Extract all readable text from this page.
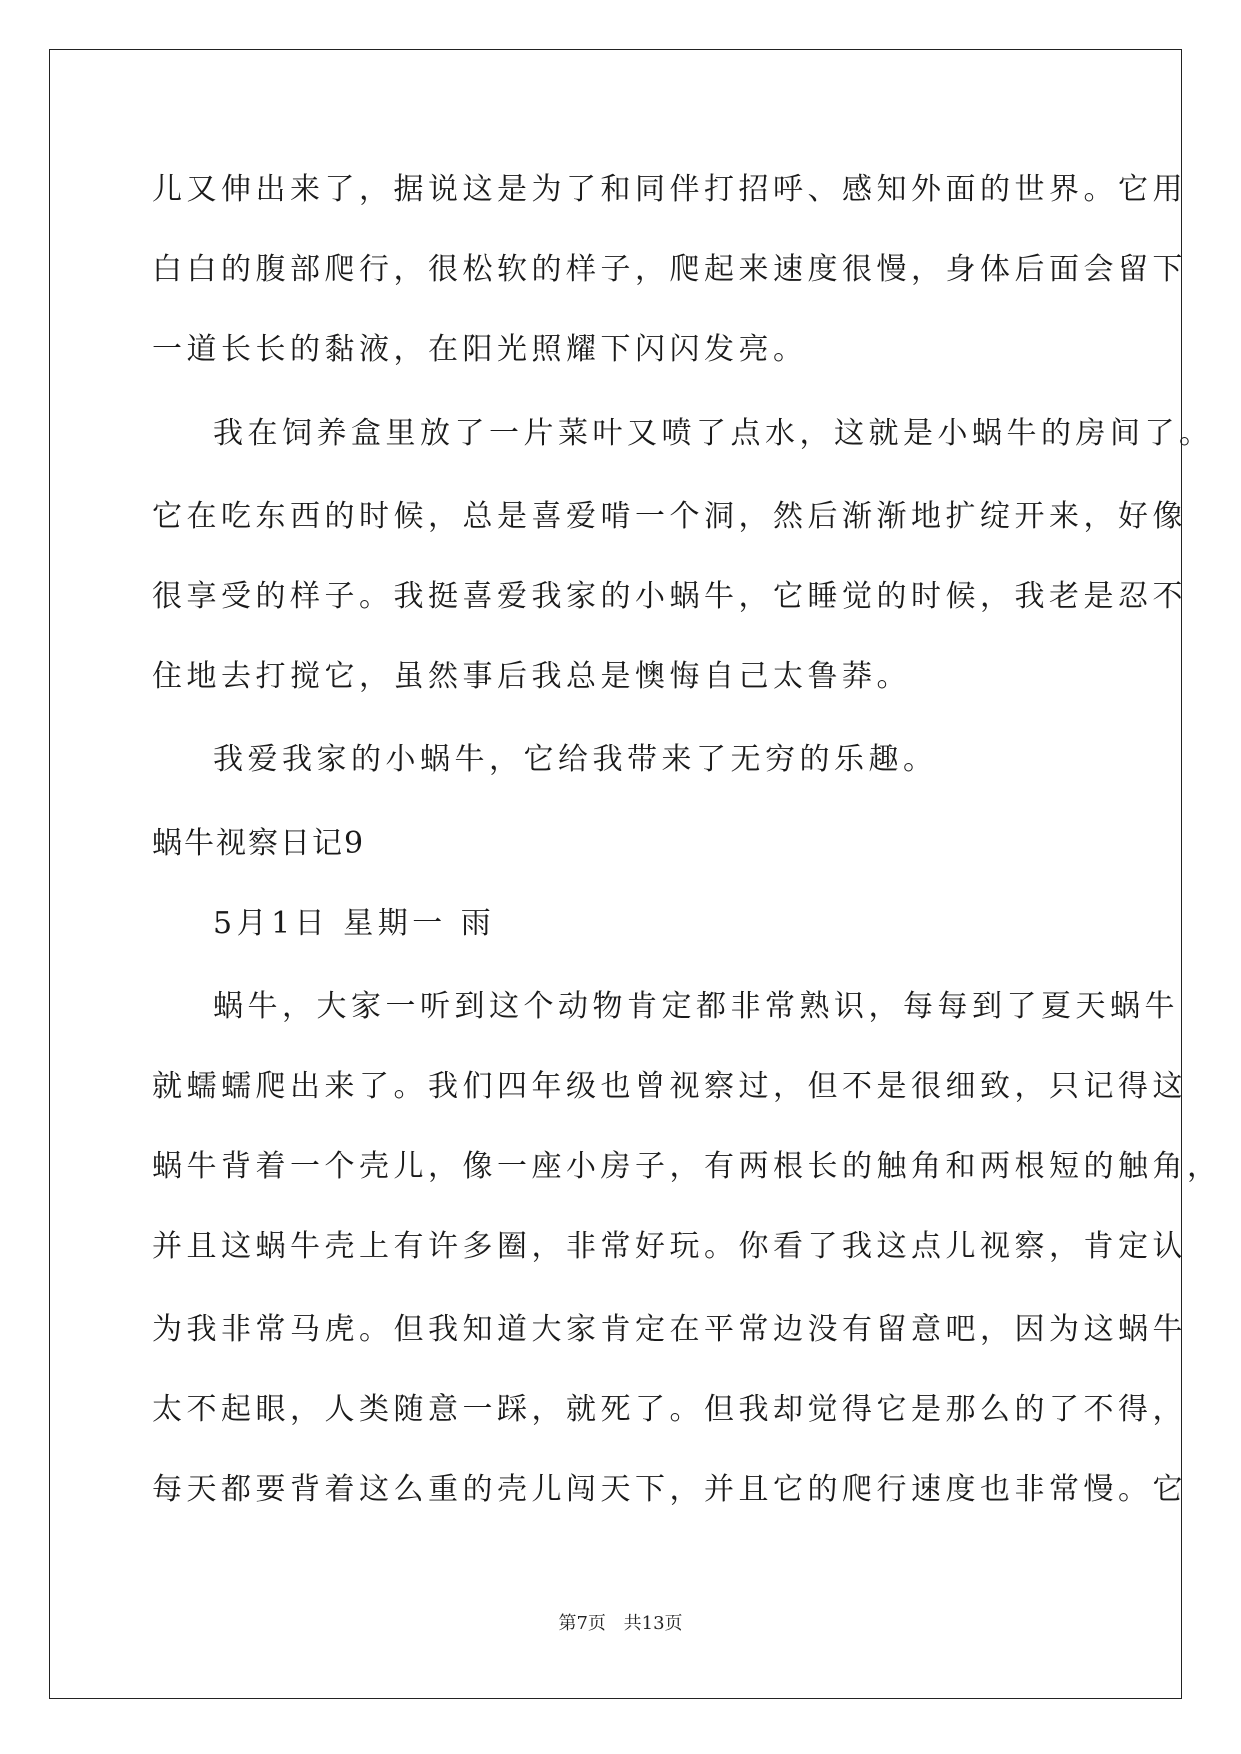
儿又伸出来了，据说这是为了和同伴打招呼、感知外面的世界。它用
白白的腹部爬行，很松软的样子，爬起来速度很慢，身体后面会留下
一道长长的黏液，在阳光照耀下闪闪发亮。
我在饲养盒里放了一片菜叶又喷了点水，这就是小蜗牛的房间了。
它在吃东西的时候，总是喜爱啃一个洞，然后渐渐地扩绽开来，好像
很享受的样子。我挺喜爱我家的小蜗牛，它睡觉的时候，我老是忍不
住地去打搅它，虽然事后我总是懊悔自己太鲁莽。
我爱我家的小蜗牛，它给我带来了无穷的乐趣。
蜗牛视察日记9
5月1日 星期一 雨
蜗牛，大家一听到这个动物肯定都非常熟识，每每到了夏天蜗牛
就蠕蠕爬出来了。我们四年级也曾视察过，但不是很细致，只记得这
蜗牛背着一个壳儿，像一座小房子，有两根长的触角和两根短的触角，
并且这蜗牛壳上有许多圈，非常好玩。你看了我这点儿视察，肯定认
为我非常马虎。但我知道大家肯定在平常边没有留意吧，因为这蜗牛
太不起眼，人类随意一踩，就死了。但我却觉得它是那么的了不得，
每天都要背着这么重的壳儿闯天下，并且它的爬行速度也非常慢。它
第7页 共13页
